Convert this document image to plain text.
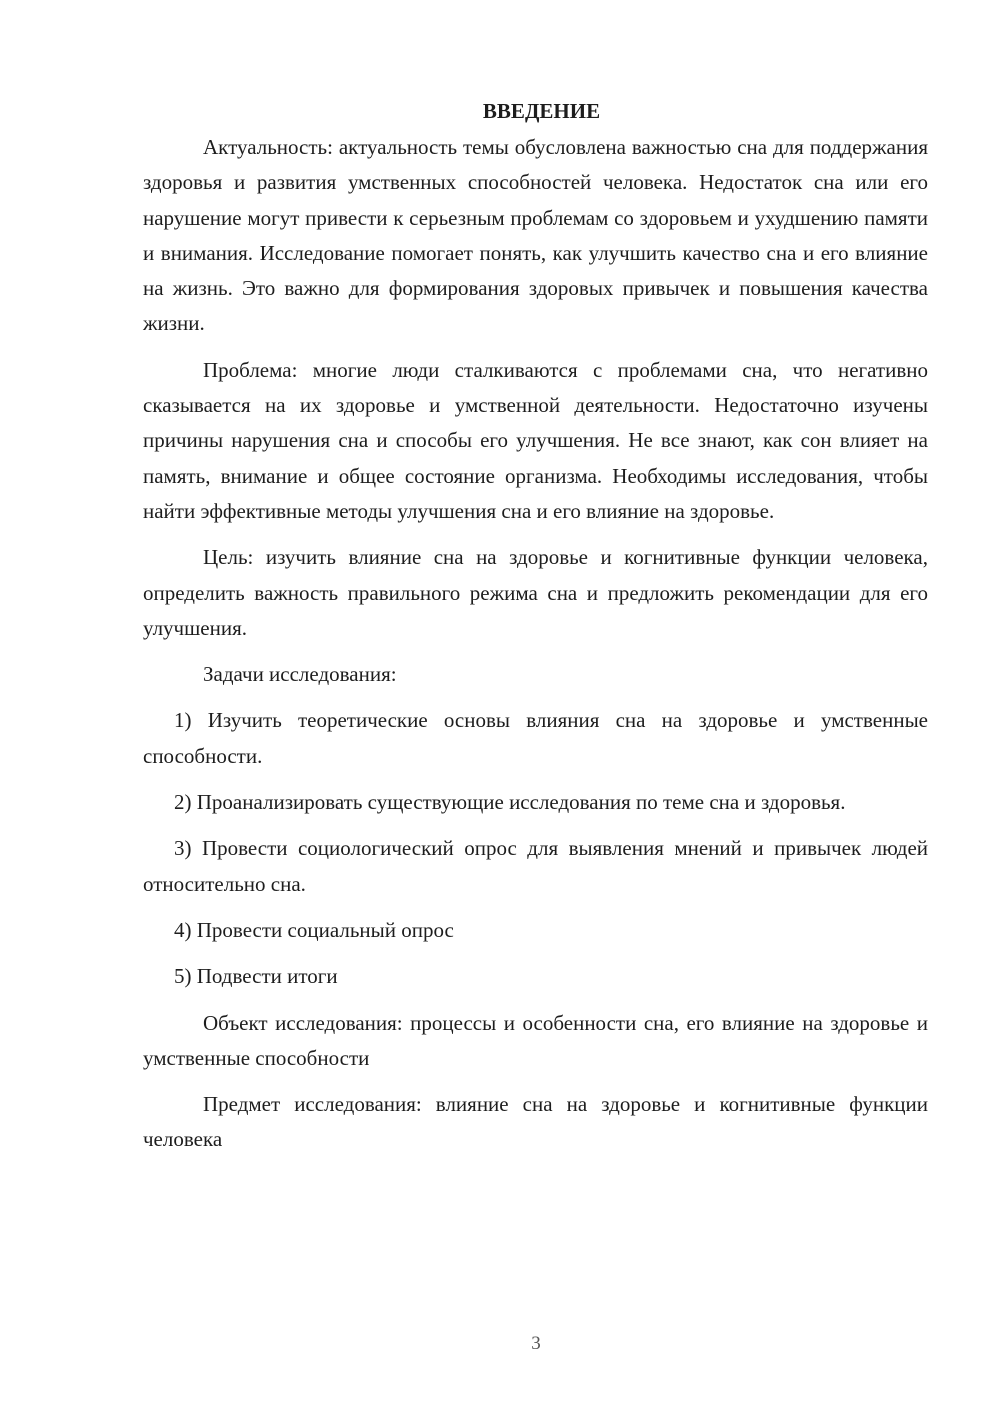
ВВЕДЕНИЕ

Актуальность: актуальность темы обусловлена важностью сна для поддержания здоровья и развития умственных способностей человека. Недостаток сна или его нарушение могут привести к серьезным проблемам со здоровьем и ухудшению памяти и внимания. Исследование помогает понять, как улучшить качество сна и его влияние на жизнь. Это важно для формирования здоровых привычек и повышения качества жизни.

Проблема: многие люди сталкиваются с проблемами сна, что негативно сказывается на их здоровье и умственной деятельности. Недостаточно изучены причины нарушения сна и способы его улучшения. Не все знают, как сон влияет на память, внимание и общее состояние организма. Необходимы исследования, чтобы найти эффективные методы улучшения сна и его влияние на здоровье.

Цель: изучить влияние сна на здоровье и когнитивные функции человека, определить важность правильного режима сна и предложить рекомендации для его улучшения.

Задачи исследования:

1) Изучить теоретические основы влияния сна на здоровье и умственные способности.

2) Проанализировать существующие исследования по теме сна и здоровья.

3) Провести социологический опрос для выявления мнений и привычек людей относительно сна.

4) Провести социальный опрос

5) Подвести итоги

Объект исследования: процессы и особенности сна, его влияние на здоровье и умственные способности

Предмет исследования: влияние сна на здоровье и когнитивные функции человека

3
